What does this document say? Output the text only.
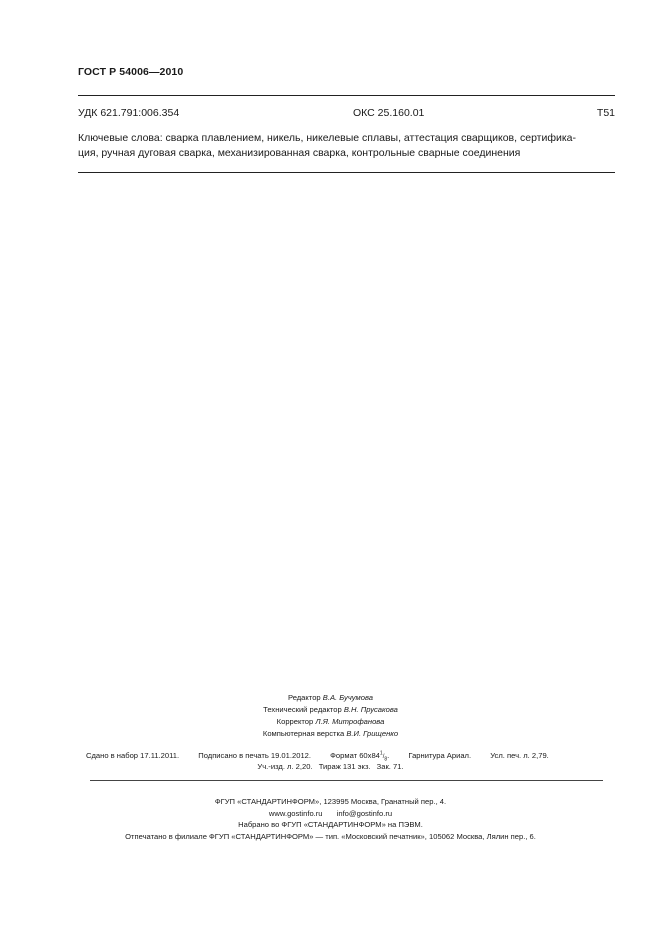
ГОСТ Р 54006—2010
УДК 621.791:006.354	ОКС 25.160.01	Т51
Ключевые слова: сварка плавлением, никель, никелевые сплавы, аттестация сварщиков, сертифика-
ция, ручная дуговая сварка, механизированная сварка, контрольные сварные соединения
Редактор В.А. Бучумова
Технический редактор В.Н. Прусакова
Корректор Л.Я. Митрофанова
Компьютерная верстка В.И. Грищенко
Сдано в набор 17.11.2011.	Подписано в печать 19.01.2012.	Формат $60х84^1/_8$.	Гарнитура Ариал.	Усл. печ. л. 2,79.
Уч.-изд. л. 2,20. Тираж 131 экз. Зак. 71.
ФГУП «СТАНДАРТИНФОРМ», 123995 Москва, Гранатный пер., 4.
www.gostinfo.ru info@gostinfo.ru
Набрано во ФГУП «СТАНДАРТИНФОРМ» на ПЭВМ.
Отпечатано в филиале ФГУП «СТАНДАРТИНФОРМ» — тип. «Московский печатник», 105062 Москва, Лялин пер., 6.
